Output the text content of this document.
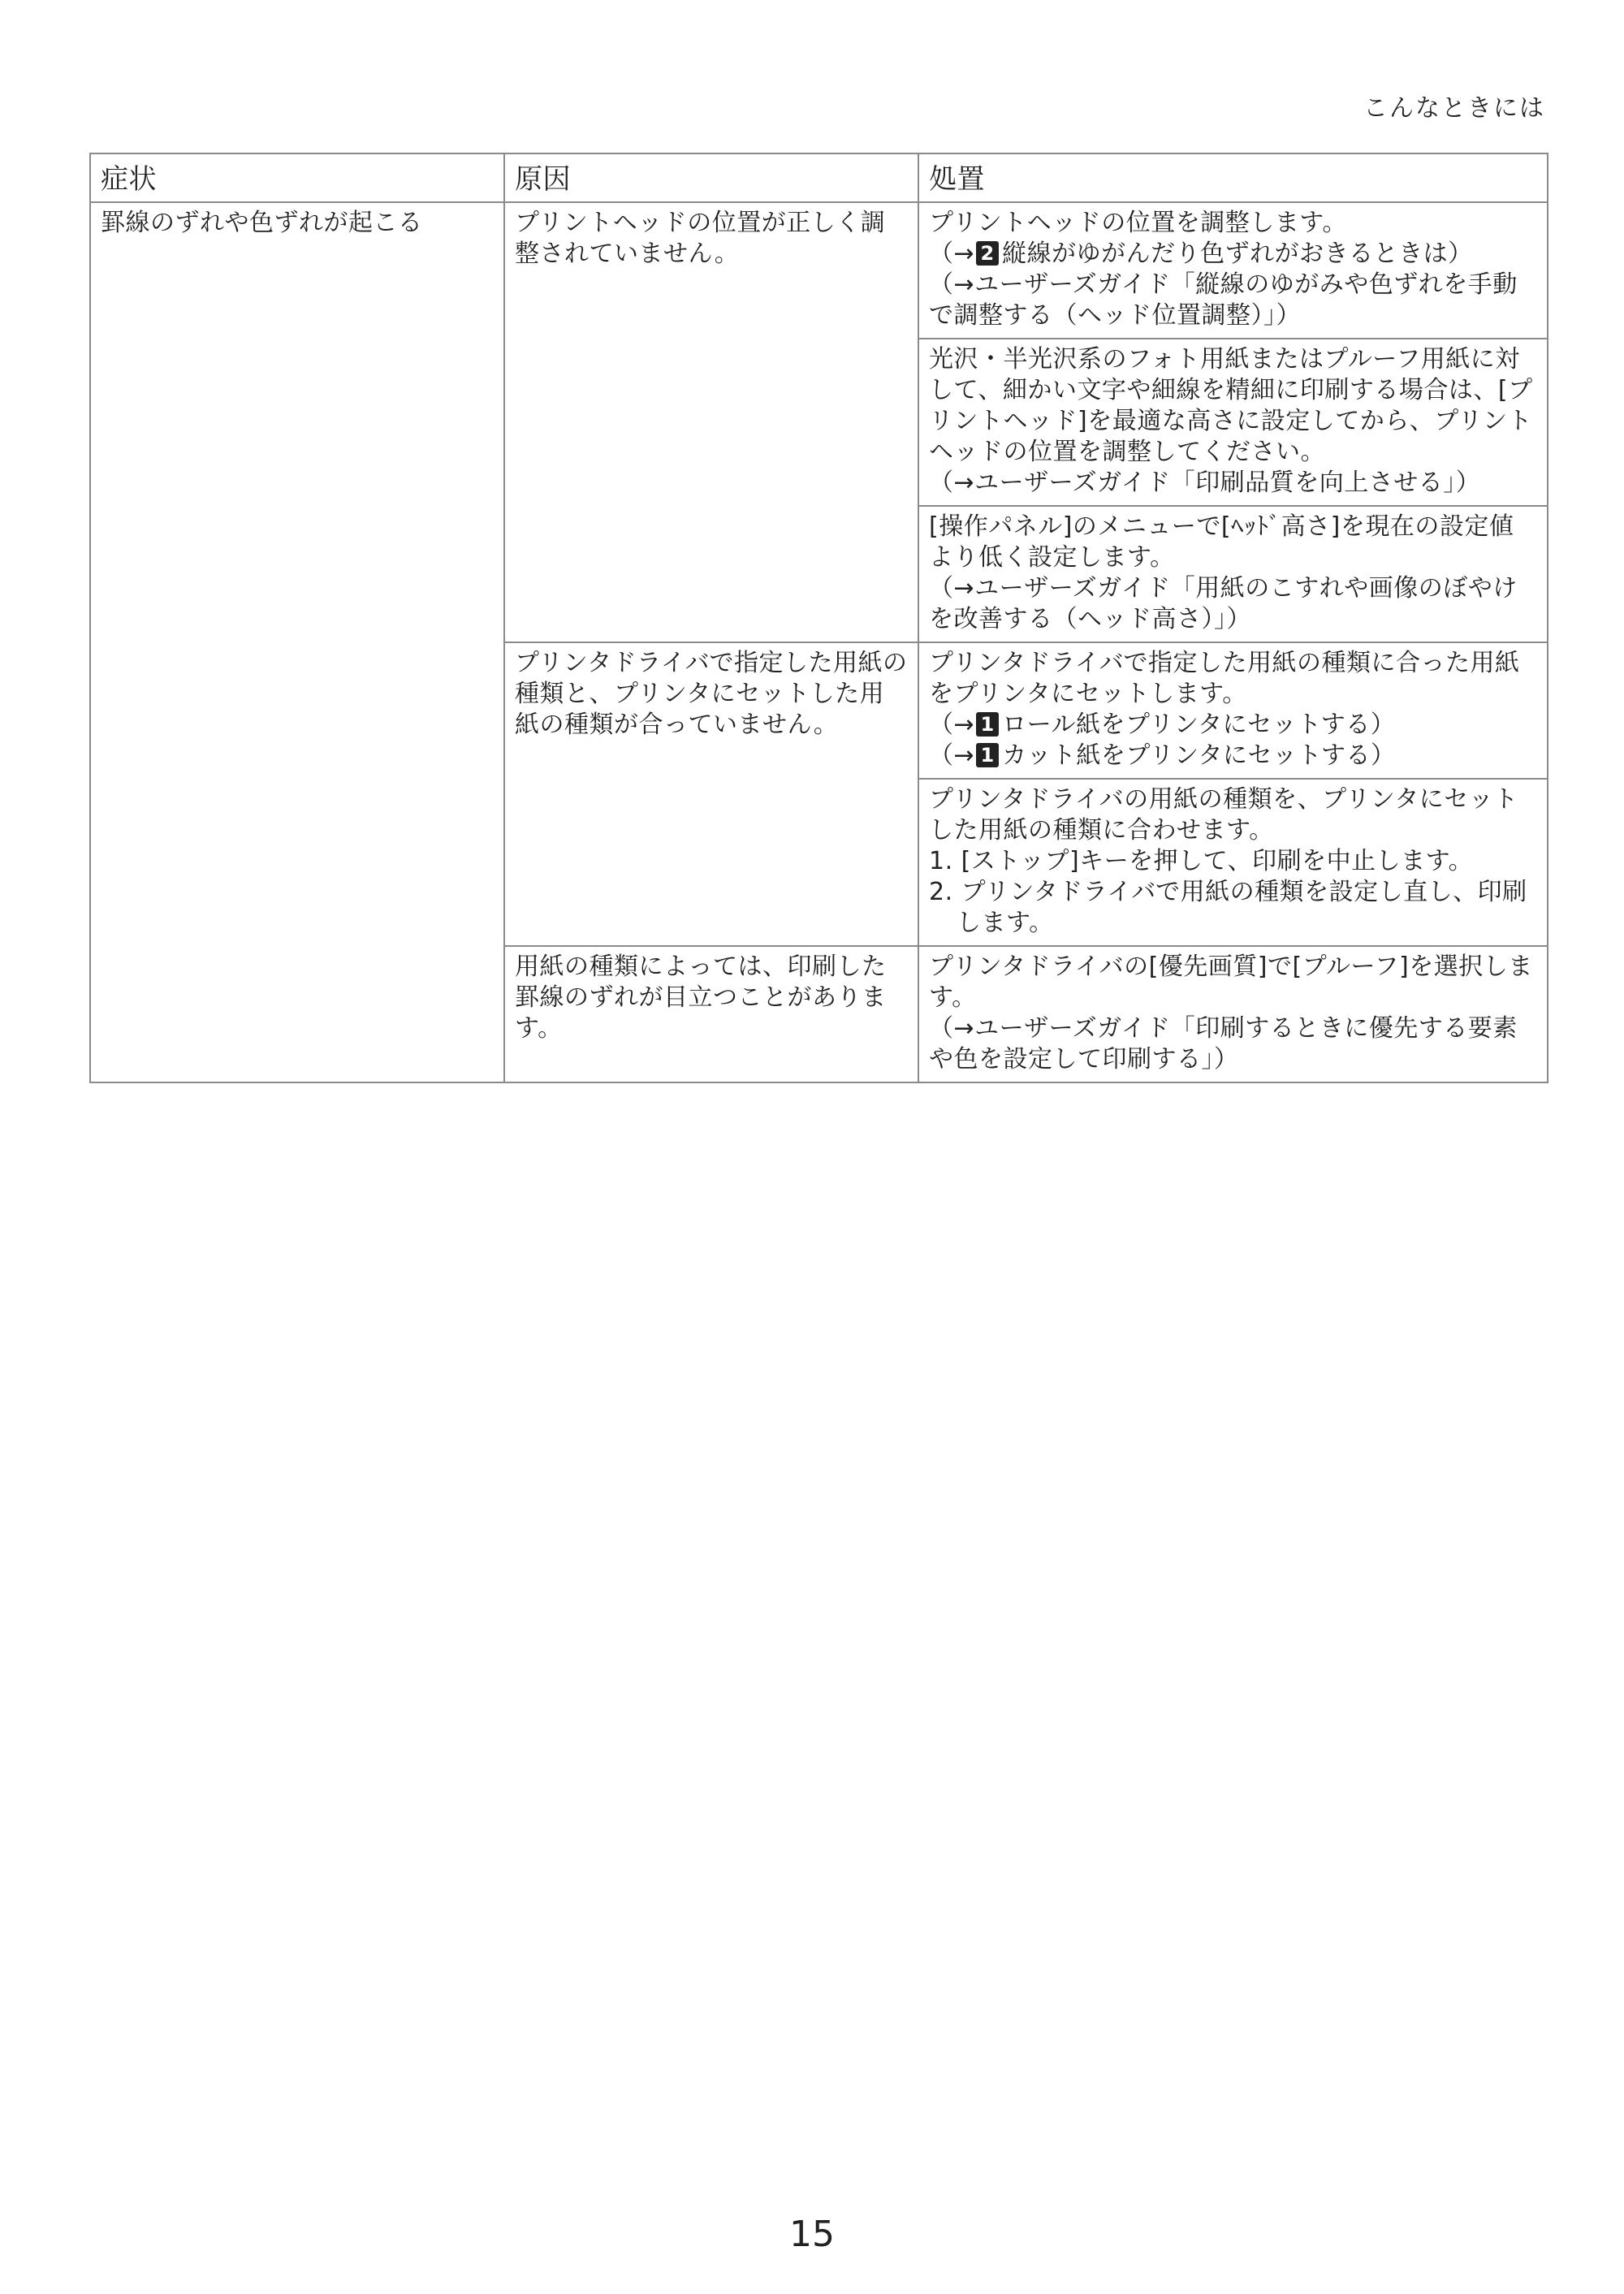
こんなときには
症状	原因	処置
罫線のずれや色ずれが起こる	プリントヘッドの位置が正しく調整されていません。	プリントヘッドの位置を調整します。
（→ 2 縦線がゆがんだり色ずれがおきるときは）
（→ユーザーズガイド「縦線のゆがみや色ずれを手動で調整する（ヘッド位置調整）」）

		光沢・半光沢系のフォト用紙またはプルーフ用紙に対して、細かい文字や細線を精細に印刷する場合は、[プリントヘッド]を最適な高さに設定してから、プリントヘッドの位置を調整してください。
（→ユーザーズガイド「印刷品質を向上させる」）

		[操作パネル]のメニューで[ﾍｯﾄﾞ高さ]を現在の設定値より低く設定します。
（→ユーザーズガイド「用紙のこすれや画像のぼやけを改善する（ヘッド高さ）」）

	プリンタドライバで指定した用紙の種類と、プリンタにセットした用紙の種類が合っていません。	プリンタドライバで指定した用紙の種類に合った用紙をプリンタにセットします。
（→ 1 ロール紙をプリンタにセットする）
（→ 1 カット紙をプリンタにセットする）

		プリンタドライバの用紙の種類を、プリンタにセットした用紙の種類に合わせます。
1. [ストップ]キーを押して、印刷を中止します。
2. プリンタドライバで用紙の種類を設定し直し、印刷
します。

	用紙の種類によっては、印刷した罫線のずれが目立つことがあります。	プリンタドライバの[優先画質]で[プルーフ]を選択します。
（→ユーザーズガイド「印刷するときに優先する要素や色を設定して印刷する」）
15
